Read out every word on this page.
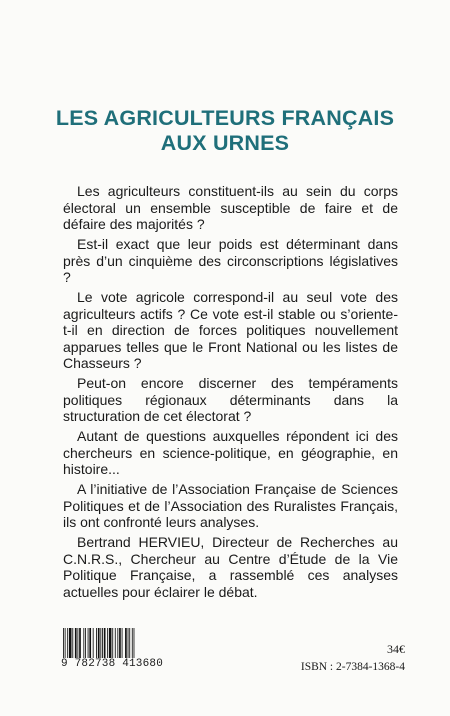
LES AGRICULTEURS FRANÇAIS
AUX URNES

Les agriculteurs constituent-ils au sein du corps électoral un ensemble susceptible de faire et de défaire des majorités ?

Est-il exact que leur poids est déterminant dans près d’un cinquième des circonscriptions législatives ?

Le vote agricole correspond-il au seul vote des agriculteurs actifs ? Ce vote est-il stable ou s’oriente-t-il en direction de forces politiques nouvellement apparues telles que le Front National ou les listes de Chasseurs ?

Peut-on encore discerner des tempéraments politiques régionaux déterminants dans la structuration de cet électorat ?

Autant de questions auxquelles répondent ici des chercheurs en science-politique, en géographie, en histoire...

A l’initiative de l’Association Française de Sciences Politiques et de l’Association des Ruralistes Français, ils ont confronté leurs analyses.

Bertrand HERVIEU, Directeur de Recherches au C.N.R.S., Chercheur au Centre d’Étude de la Vie Politique Française, a rassemblé ces analyses actuelles pour éclairer le débat.

9 782738 413680
34€
ISBN : 2-7384-1368-4
